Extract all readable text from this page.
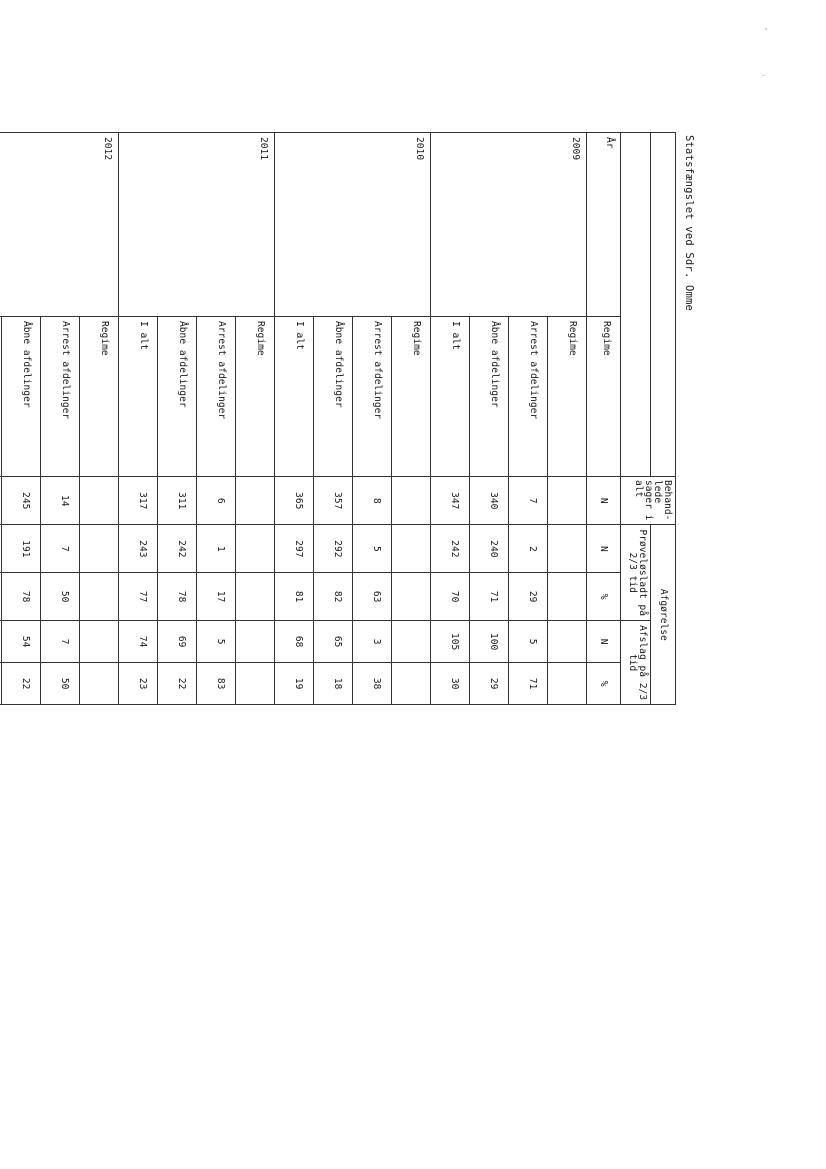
Statsfængslet ved Sdr. Omme
		Behand-
lede
sager i
alt	Afgørelse			
			Prøveløsladt på
2/3 tid		Afslag på 2/3
tid	
År	Regime	N	N	%	N	%
2009	Regime					
	Arrest afdelinger	7	2	29	5	71
	Åbne afdelinger	340	240	71	100	29
	I alt	347	242	70	105	30
2010	Regime					
	Arrest afdelinger	8	5	63	3	38
	Åbne afdelinger	357	292	82	65	18
	I alt	365	297	81	68	19
2011	Regime					
	Arrest afdelinger	6	1	17	5	83
	Åbne afdelinger	311	242	78	69	22
	I alt	317	243	77	74	23
2012	Regime					
	Arrest afdelinger	14	7	50	7	50
	Åbne afdelinger	245	191	78	54	22
